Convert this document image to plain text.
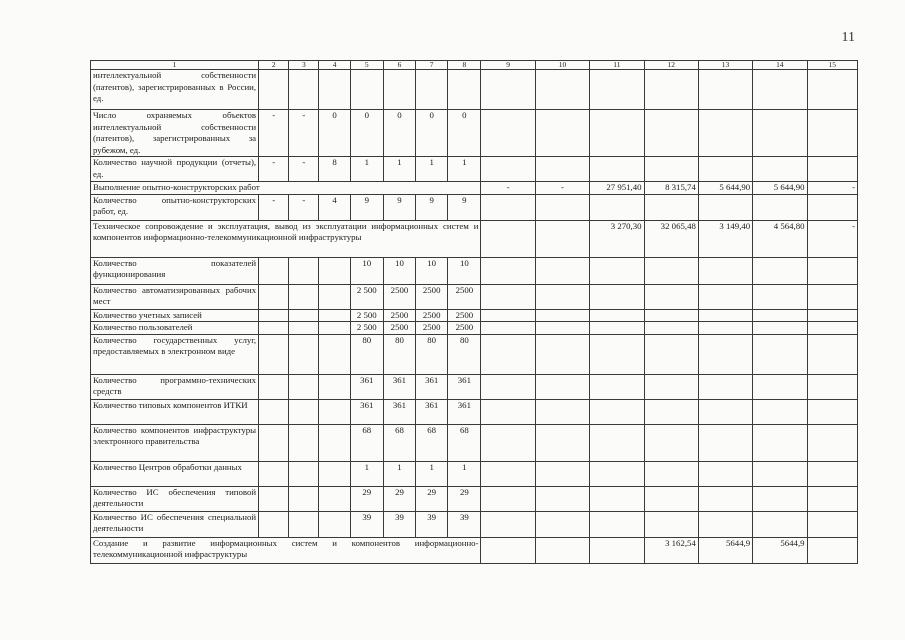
11
1	2	3	4	5	6	7	8	9	10	11	12	13	14	15
интеллектуальной собственности (патентов), зарегистрированных в России, ед.														
Число охраняемых объектов интеллектуальной собственности (патентов), зарегистрированных за рубежом, ед.	-	-	0	0	0	0	0							
Количество научной продукции (отчеты), ед.	-	-	8	1	1	1	1							
Выполнение опытно-конструкторских работ								-	-	27 951,40	8 315,74	5 644,90	5 644,90	-
Количество опытно-конструкторских работ, ед.	-	-	4	9	9	9	9							
Техническое сопровождение и эксплуатация, вывод из эксплуатации информационных систем и компонентов информационно-телекоммуникационной инфраструктуры										3 270,30	32 065,48	3 149,40	4 564,80	-
Количество показателей функционирования				10	10	10	10							
Количество автоматизированных рабочих мест				2 500	2500	2500	2500							
Количество учетных записей				2 500	2500	2500	2500							
Количество пользователей				2 500	2500	2500	2500							
Количество государственных услуг, предоставляемых в электронном виде				80	80	80	80							
Количество программно-технических средств				361	361	361	361							
Количество типовых компонентов ИТКИ				361	361	361	361							
Количество компонентов инфраструктуры электронного правительства				68	68	68	68							
Количество Центров обработки данных				1	1	1	1							
Количество ИС обеспечения типовой деятельности				29	29	29	29							
Количество ИС обеспечения специальной деятельности				39	39	39	39							
Создание и развитие информационных систем и компонентов информационно-телекоммуникационной инфраструктуры											3 162,54	5644,9	5644,9	
